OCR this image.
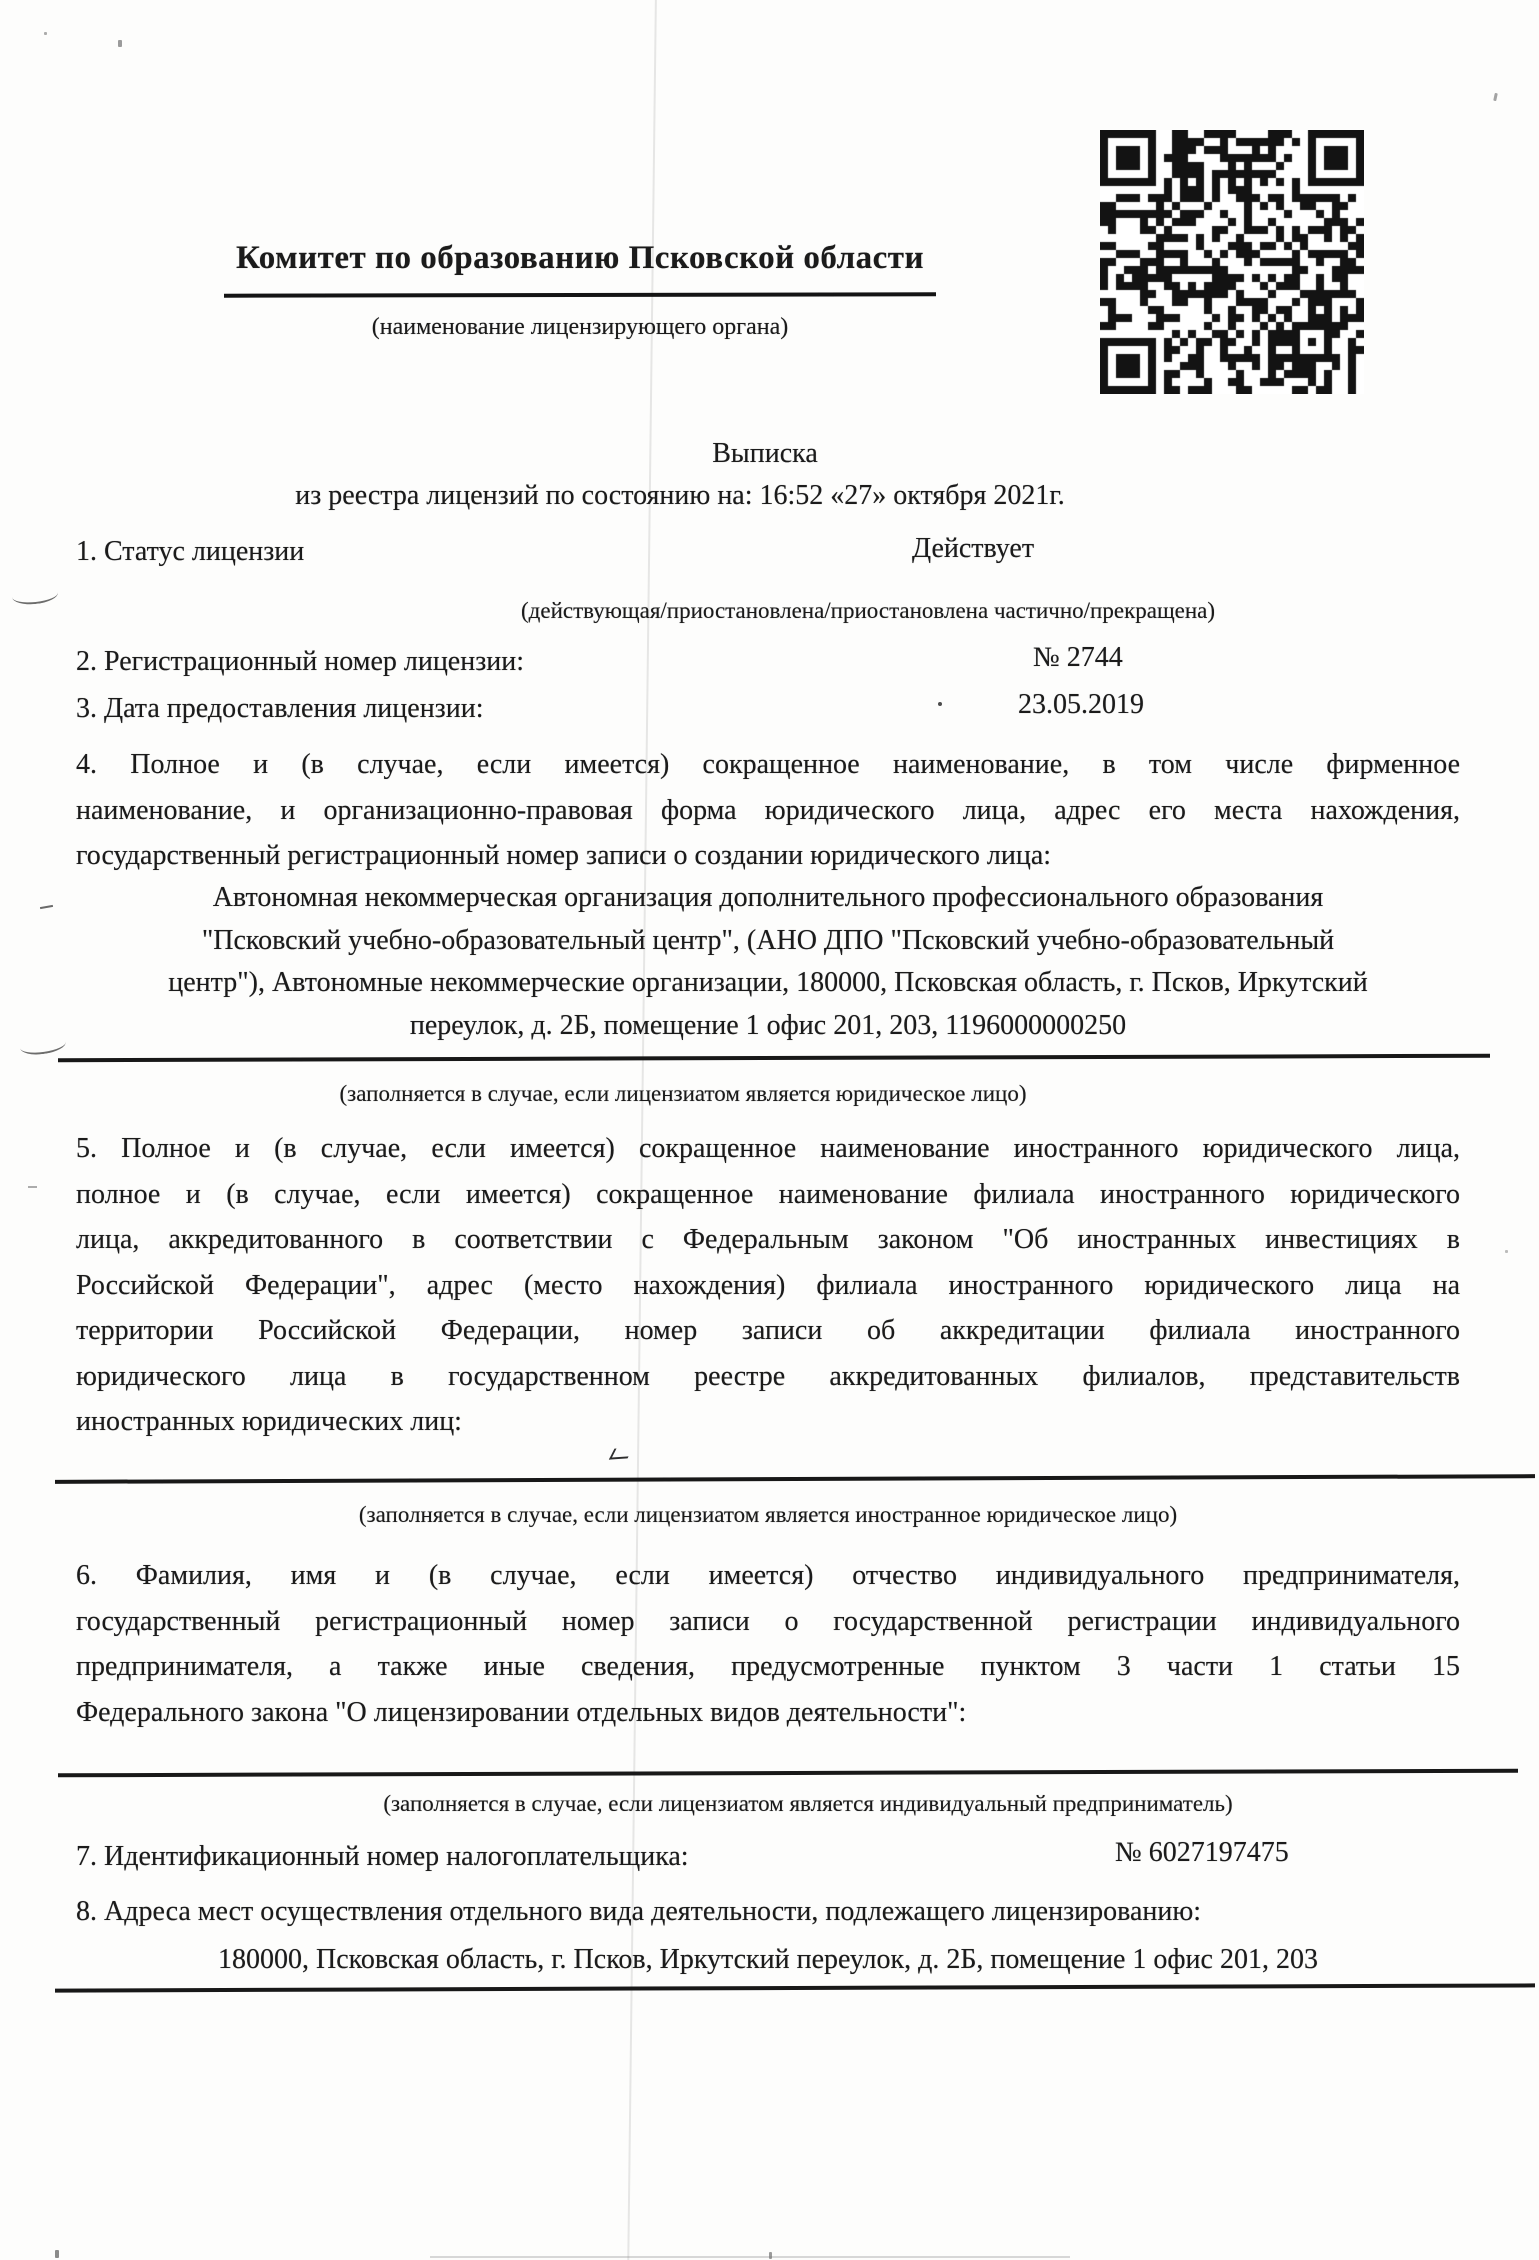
Комитет по образованию Псковской области
(наименование лицензирующего органа)
Выписка
из реестра лицензий по состоянию на: 16:52 «27» октября 2021г.
1. Статус лицензии	Действует
(действующая/приостановлена/приостановлена частично/прекращена)
2. Регистрационный номер лицензии:	№ 2744
3. Дата предоставления лицензии:	23.05.2019
4. Полное и (в случае, если имеется) сокращенное наименование, в том числе фирменное
наименование, и организационно-правовая форма юридического лица, адрес его места нахождения,
государственный регистрационный номер записи о создании юридического лица:
Автономная некоммерческая организация дополнительного профессионального образования
"Псковский учебно-образовательный центр", (АНО ДПО "Псковский учебно-образовательный
центр"), Автономные некоммерческие организации, 180000, Псковская область, г. Псков, Иркутский
переулок, д. 2Б, помещение 1 офис 201, 203, 1196000000250
(заполняется в случае, если лицензиатом является юридическое лицо)
5. Полное и (в случае, если имеется) сокращенное наименование иностранного юридического лица,
полное и (в случае, если имеется) сокращенное наименование филиала иностранного юридического
лица, аккредитованного в соответствии с Федеральным законом "Об иностранных инвестициях в
Российской Федерации", адрес (место нахождения) филиала иностранного юридического лица на
территории Российской Федерации, номер записи об аккредитации филиала иностранного
юридического лица в государственном реестре аккредитованных филиалов, представительств
иностранных юридических лиц:
(заполняется в случае, если лицензиатом является иностранное юридическое лицо)
6. Фамилия, имя и (в случае, если имеется) отчество индивидуального предпринимателя,
государственный регистрационный номер записи о государственной регистрации индивидуального
предпринимателя, а также иные сведения, предусмотренные пунктом 3 части 1 статьи 15
Федерального закона "О лицензировании отдельных видов деятельности":
(заполняется в случае, если лицензиатом является индивидуальный предприниматель)
7. Идентификационный номер налогоплательщика:	№ 6027197475
8. Адреса мест осуществления отдельного вида деятельности, подлежащего лицензированию:
180000, Псковская область, г. Псков, Иркутский переулок, д. 2Б, помещение 1 офис 201, 203
